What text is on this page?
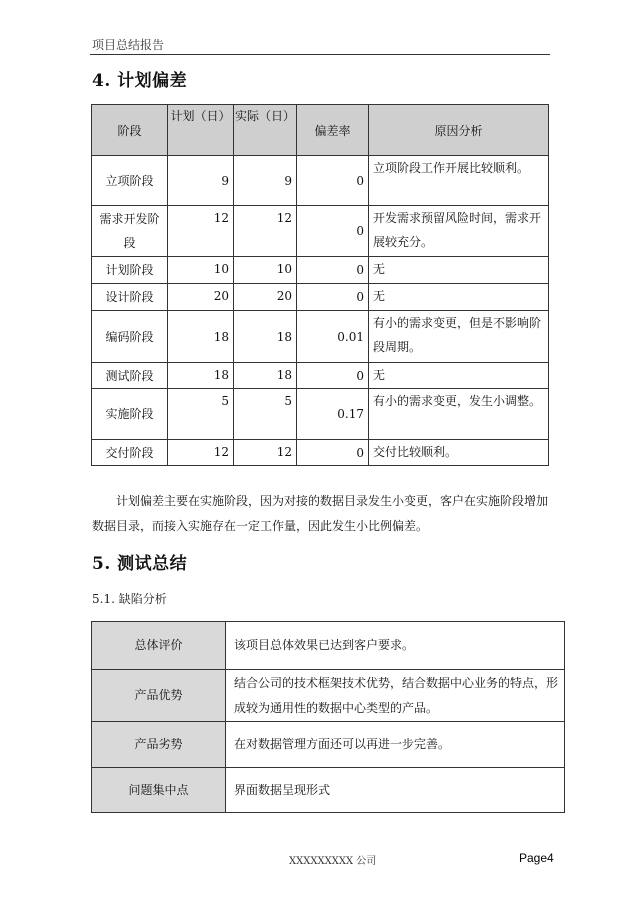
项目总结报告
4. 计划偏差
阶段	计划（日）	实际（日）	偏差率	原因分析
立项阶段	9	9	0	立项阶段工作开展比较顺利。
需求开发阶段	12	12	0	开发需求预留风险时间，需求开展较充分。
计划阶段	10	10	0	无
设计阶段	20	20	0	无
编码阶段	18	18	0.01	有小的需求变更，但是不影响阶段周期。
测试阶段	18	18	0	无
实施阶段	5	5	0.17	有小的需求变更，发生小调整。
交付阶段	12	12	0	交付比较顺利。
计划偏差主要在实施阶段，因为对接的数据目录发生小变更，客户在实施阶段增加数据目录，而接入实施存在一定工作量，因此发生小比例偏差。
5. 测试总结
5.1. 缺陷分析
总体评价	该项目总体效果已达到客户要求。
产品优势	结合公司的技术框架技术优势，结合数据中心业务的特点，形成较为通用性的数据中心类型的产品。
产品劣势	在对数据管理方面还可以再进一步完善。
问题集中点	界面数据呈现形式
XXXXXXXXX 公司	Page4
